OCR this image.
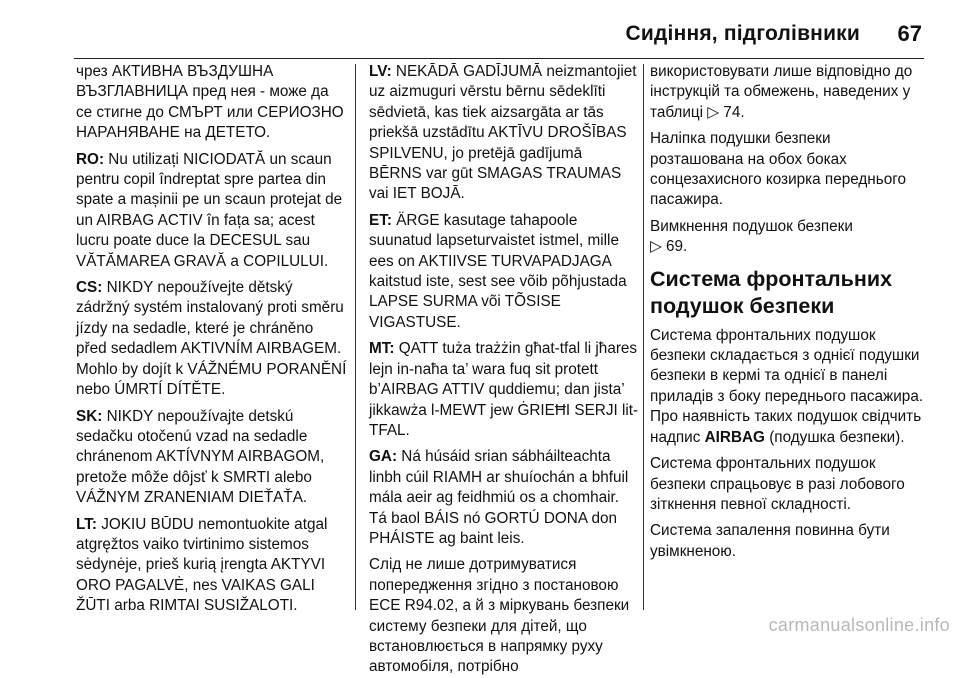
Сидіння, підголівники 67

чрез АКТИВНА ВЪЗДУШНА ВЪЗГЛАВНИЦА пред нея - може да се стигне до СМЪРТ или СЕРИОЗНО НАРАНЯВАНЕ на ДЕТЕТО.

RO: Nu utilizați NICIODATĂ un scaun pentru copil îndreptat spre partea din spate a mașinii pe un scaun protejat de un AIRBAG ACTIV în fața sa; acest lucru poate duce la DECESUL sau VĂTĂMAREA GRAVĂ a COPILULUI.

CS: NIKDY nepoužívejte dětský zádržný systém instalovaný proti směru jízdy na sedadle, které je chráněno před sedadlem AKTIVNÍM AIRBAGEM. Mohlo by dojít k VÁŽNÉMU PORANĚNÍ nebo ÚMRTÍ DÍTĚTE.

SK: NIKDY nepoužívajte detskú sedačku otočenú vzad na sedadle chránenom AKTÍVNYM AIRBAGOM, pretože môže dôjsť k SMRTI alebo VÁŽNYM ZRANENIAM DIEŤAŤA.

LT: JOKIU BŪDU nemontuokite atgal atgręžtos vaiko tvirtinimo sistemos sėdynėje, prieš kurią įrengta AKTYVI ORO PAGALVĖ, nes VAIKAS GALI ŽŪTI arba RIMTAI SUSIŽALOTI.

LV: NEKĀDĀ GADĪJUMĀ neizmantojiet uz aizmuguri vērstu bērnu sēdeklīti sēdvietā, kas tiek aizsargāta ar tās priekšā uzstādītu AKTĪVU DROŠĪBAS SPILVENU, jo pretējā gadījumā BĒRNS var gūt SMAGAS TRAUMAS vai IET BOJĀ.

ET: ÄRGE kasutage tahapoole suunatud lapseturvaistet istmel, mille ees on AKTIIVSE TURVAPADJAGA kaitstud iste, sest see võib põhjustada LAPSE SURMA või TÕSISE VIGASTUSE.

MT: QATT tuża trażżin għat-tfal li jħares lejn in-naħa ta’ wara fuq sit protett b’AIRBAG ATTIV quddiemu; dan jista’ jikkawża l-MEWT jew ĠRIEĦI SERJI lit-TFAL.

GA: Ná húsáid srian sábháilteachta linbh cúil RIAMH ar shuíochán a bhfuil mála aeir ag feidhmiú os a chomhair. Tá baol BÁIS nó GORTÚ DONA don PHÁISTE ag baint leis.

Слід не лише дотримуватися попередження згідно з постановою ECE R94.02, а й з міркувань безпеки систему безпеки для дітей, що встановлюється в напрямку руху автомобіля, потрібно

використовувати лише відповідно до інструкцій та обмежень, наведених у таблиці ▷ 74.

Наліпка подушки безпеки розташована на обох боках сонцезахисного козирка переднього пасажира.

Вимкнення подушок безпеки
▷ 69.

Система фронтальних подушок безпеки

Система фронтальних подушок безпеки складається з однієї подушки безпеки в кермі та однієї в панелі приладів з боку переднього пасажира. Про наявність таких подушок свідчить надпис AIRBAG (подушка безпеки).

Система фронтальних подушок безпеки спрацьовує в разі лобового зіткнення певної складності.

Система запалення повинна бути увімкненою.

carmanualsonline.info
